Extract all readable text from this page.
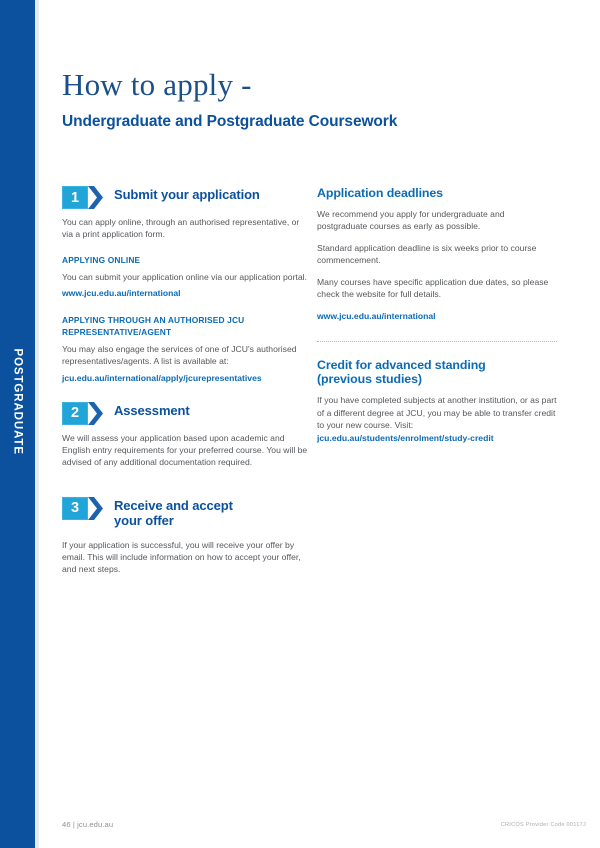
How to apply -
Undergraduate and Postgraduate Coursework
1	Submit your application

You can apply online, through an authorised representative, or via a print application form.

APPLYING ONLINE

You can submit your application online via our application portal.

www.jcu.edu.au/international
APPLYING THROUGH AN AUTHORISED JCU REPRESENTATIVE/AGENT

You may also engage the services of one of JCU's authorised representatives/agents. A list is available at:

jcu.edu.au/international/apply/jcurepresentatives
2	Assessment

We will assess your application based upon academic and English entry requirements for your preferred course. You will be advised of any additional documentation required.

3	Receive and accept your offer

If your application is successful, you will receive your offer by email. This will include information on how to accept your offer, and next steps.

Application deadlines

We recommend you apply for undergraduate and postgraduate courses as early as possible.

Standard application deadline is six weeks prior to course commencement.

Many courses have specific application due dates, so please check the website for full details.

www.jcu.edu.au/international
Credit for advanced standing
(previous studies)

If you have completed subjects at another institution, or as part of a different degree at JCU, you may be able to transfer credit to your new course. Visit: jcu.edu.au/students/enrolment/study-credit

46 | jcu.edu.au	CRICOS Provider Code 00117J
